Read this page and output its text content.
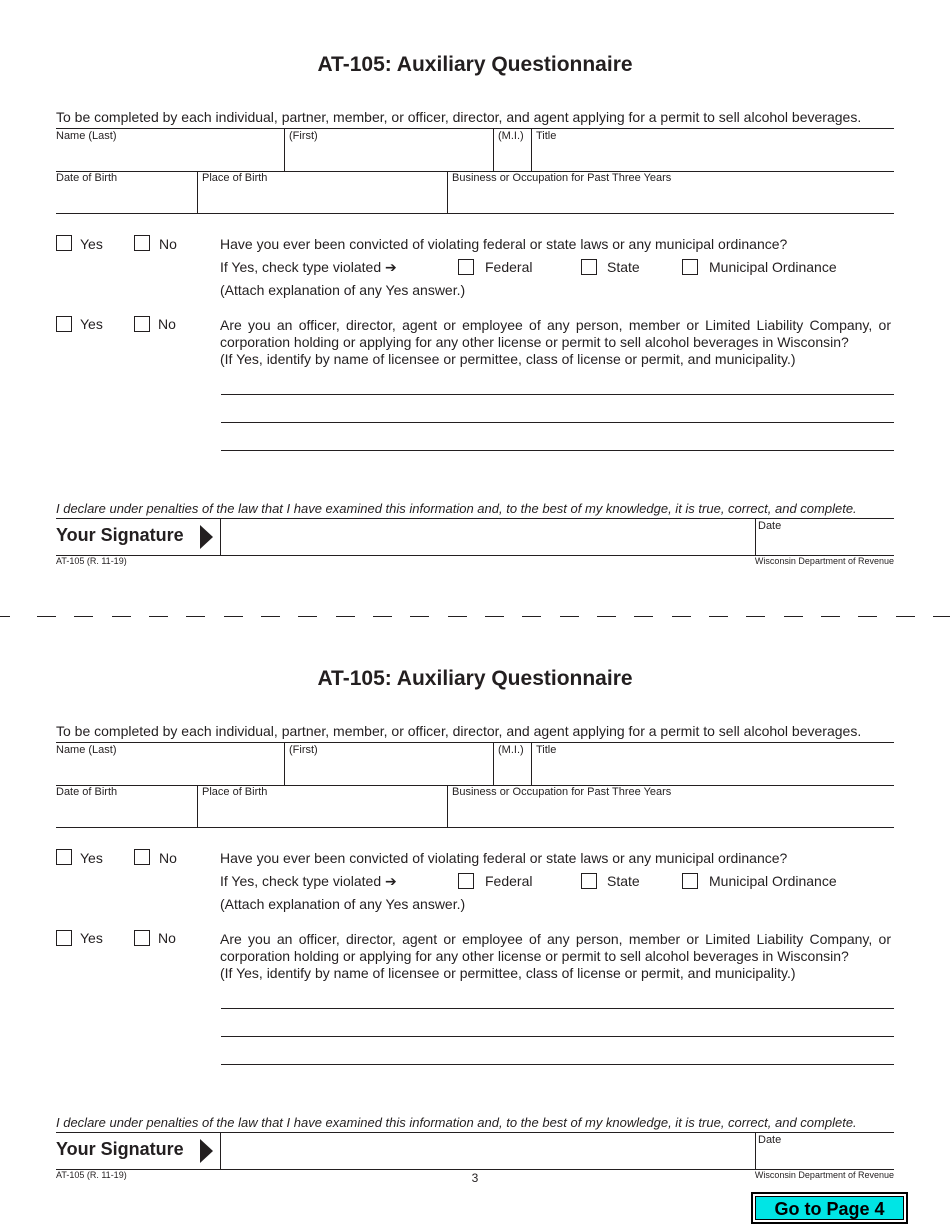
AT-105: Auxiliary Questionnaire
To be completed by each individual, partner, member, or officer, director, and agent applying for a permit to sell alcohol beverages.
Name (Last)	(First)	(M.I.) Title
Date of Birth	Place of Birth	Business or Occupation for Past Three Years
Yes	No	Have you ever been convicted of violating federal or state laws or any municipal ordinance?
If Yes, check type violated ➔	Federal	State	Municipal Ordinance
(Attach explanation of any Yes answer.)
Yes	No	Are you an officer, director, agent or employee of any person, member or Limited Liability Company, or
corporation holding or applying for any other license or permit to sell alcohol beverages in Wisconsin?
(If Yes, identify by name of licensee or permittee, class of license or permit, and municipality.)
I declare under penalties of the law that I have examined this information and, to the best of my knowledge, it is true, correct, and complete.
Your Signature	Date
AT-105 (R. 11-19)	Wisconsin Department of Revenue
AT-105: Auxiliary Questionnaire
To be completed by each individual, partner, member, or officer, director, and agent applying for a permit to sell alcohol beverages.
Name (Last)	(First)	(M.I.) Title
Date of Birth	Place of Birth	Business or Occupation for Past Three Years
Yes	No	Have you ever been convicted of violating federal or state laws or any municipal ordinance?
If Yes, check type violated ➔	Federal	State	Municipal Ordinance
(Attach explanation of any Yes answer.)
Yes	No	Are you an officer, director, agent or employee of any person, member or Limited Liability Company, or
corporation holding or applying for any other license or permit to sell alcohol beverages in Wisconsin?
(If Yes, identify by name of licensee or permittee, class of license or permit, and municipality.)
I declare under penalties of the law that I have examined this information and, to the best of my knowledge, it is true, correct, and complete.
Your Signature	Date
AT-105 (R. 11-19)	Wisconsin Department of Revenue
3
Go to Page 4
